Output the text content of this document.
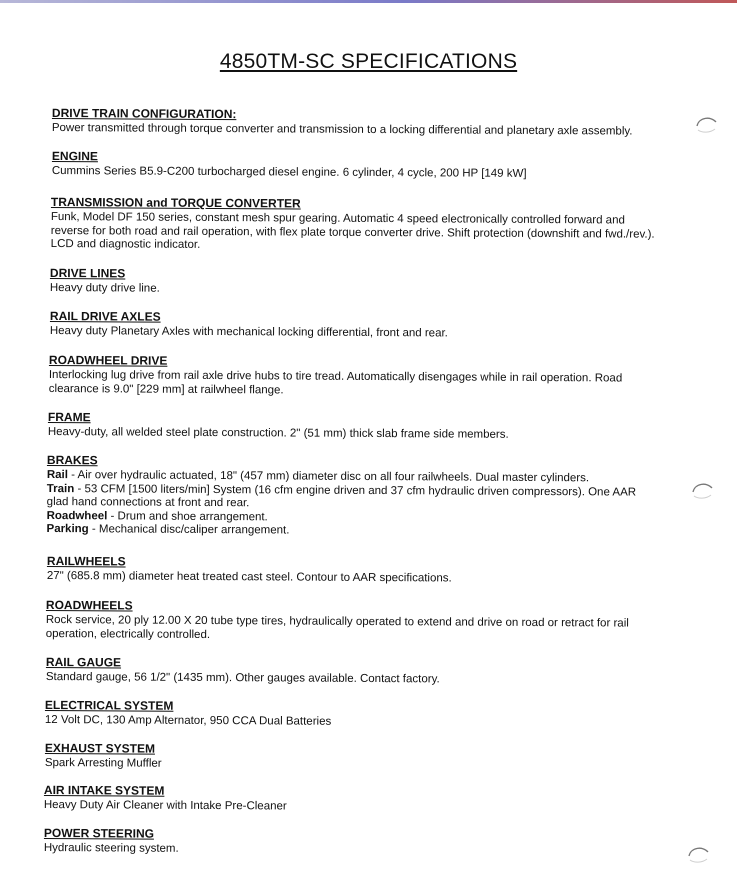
4850TM-SC SPECIFICATIONS
DRIVE TRAIN CONFIGURATION:
Power transmitted through torque converter and transmission to a locking differential and planetary axle assembly.
ENGINE
Cummins Series B5.9-C200 turbocharged diesel engine. 6 cylinder, 4 cycle, 200 HP [149 kW]
TRANSMISSION and TORQUE CONVERTER
Funk, Model DF 150 series, constant mesh spur gearing. Automatic 4 speed electronically controlled forward and
reverse for both road and rail operation, with flex plate torque converter drive. Shift protection (downshift and fwd./rev.).
LCD and diagnostic indicator.
DRIVE LINES
Heavy duty drive line.
RAIL DRIVE AXLES
Heavy duty Planetary Axles with mechanical locking differential, front and rear.
ROADWHEEL DRIVE
Interlocking lug drive from rail axle drive hubs to tire tread. Automatically disengages while in rail operation. Road
clearance is 9.0" [229 mm] at railwheel flange.
FRAME
Heavy-duty, all welded steel plate construction. 2" (51 mm) thick slab frame side members.
BRAKES
Rail - Air over hydraulic actuated, 18" (457 mm) diameter disc on all four railwheels. Dual master cylinders.
Train - 53 CFM [1500 liters/min] System (16 cfm engine driven and 37 cfm hydraulic driven compressors). One AAR
glad hand connections at front and rear.
Roadwheel - Drum and shoe arrangement.
Parking - Mechanical disc/caliper arrangement.
RAILWHEELS
27" (685.8 mm) diameter heat treated cast steel. Contour to AAR specifications.
ROADWHEELS
Rock service, 20 ply 12.00 X 20 tube type tires, hydraulically operated to extend and drive on road or retract for rail
operation, electrically controlled.
RAIL GAUGE
Standard gauge, 56 1/2" (1435 mm). Other gauges available. Contact factory.
ELECTRICAL SYSTEM
12 Volt DC, 130 Amp Alternator, 950 CCA Dual Batteries
EXHAUST SYSTEM
Spark Arresting Muffler
AIR INTAKE SYSTEM
Heavy Duty Air Cleaner with Intake Pre-Cleaner
POWER STEERING
Hydraulic steering system.
